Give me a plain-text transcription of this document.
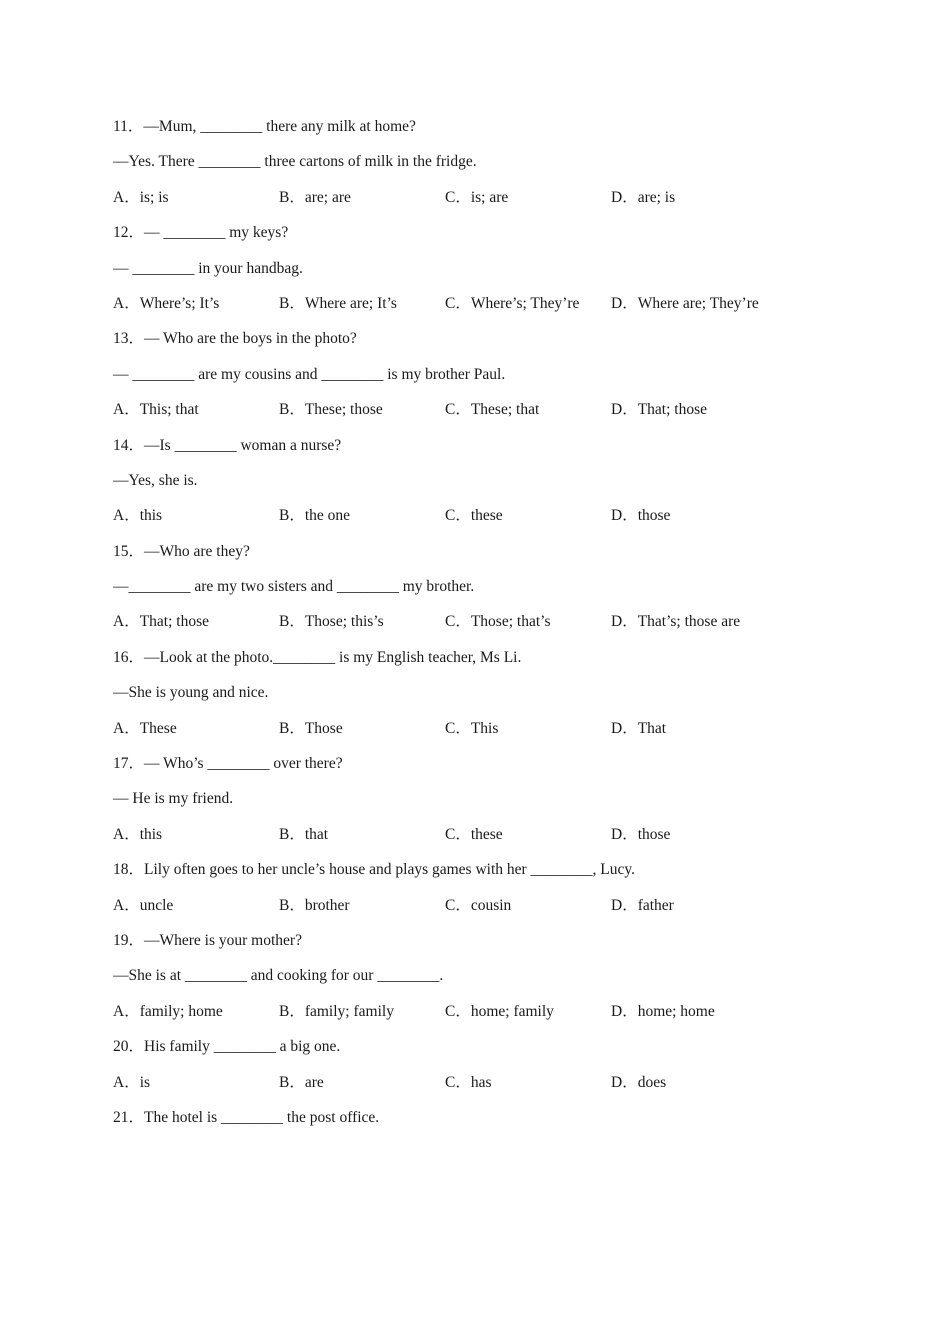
11．—Mum, ________ there any milk at home?
—Yes. There ________ three cartons of milk in the fridge.
A．is; is	B．are; are	C．is; are	D．are; is
12．— ________ my keys?
— ________ in your handbag.
A．Where’s; It’s	B．Where are; It’s	C．Where’s; They’re	D．Where are; They’re
13．— Who are the boys in the photo?
— ________ are my cousins and ________ is my brother Paul.
A．This; that	B．These; those	C．These; that	D．That; those
14．—Is ________ woman a nurse?
—Yes, she is.
A．this	B．the one	C．these	D．those
15．—Who are they?
—________ are my two sisters and ________ my brother.
A．That; those	B．Those; this’s	C．Those; that’s	D．That’s; those are
16．—Look at the photo.________ is my English teacher, Ms Li.
—She is young and nice.
A．These	B．Those	C．This	D．That
17．— Who’s ________ over there?
— He is my friend.
A．this	B．that	C．these	D．those
18．Lily often goes to her uncle’s house and plays games with her ________, Lucy.
A．uncle	B．brother	C．cousin	D．father
19．—Where is your mother?
—She is at ________ and cooking for our ________.
A．family; home	B．family; family	C．home; family	D．home; home
20．His family ________ a big one.
A．is	B．are	C．has	D．does
21．The hotel is ________ the post office.
